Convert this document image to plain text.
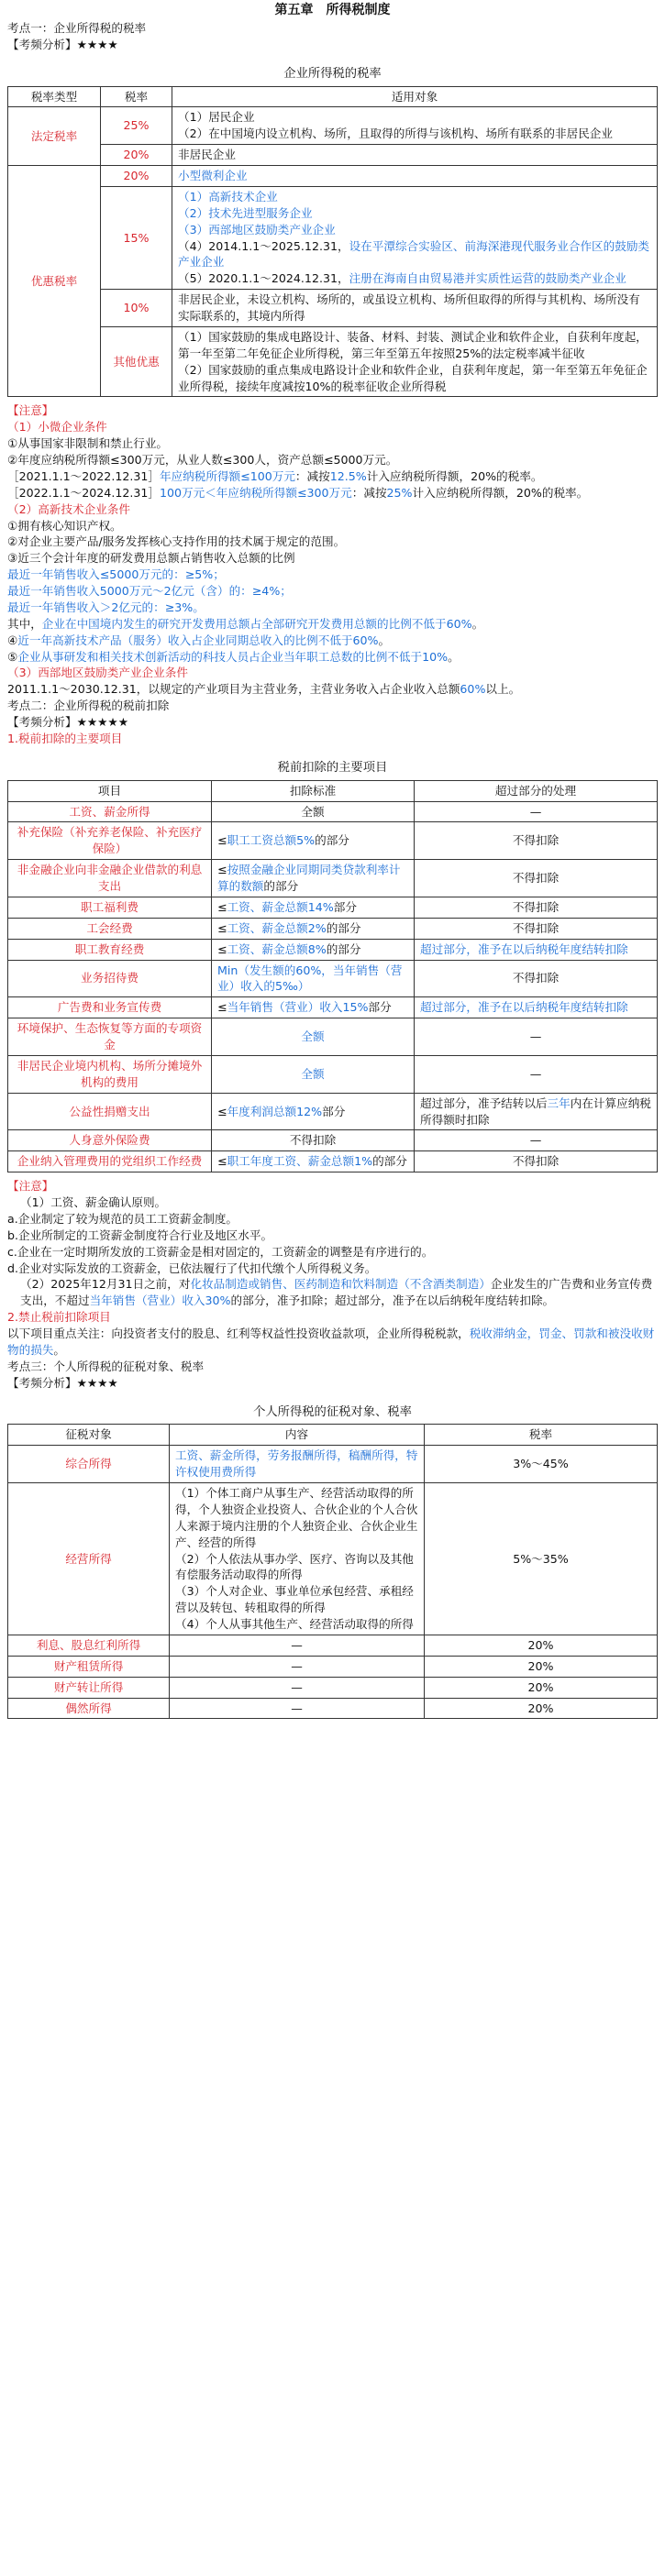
第五章　所得税制度

考点一：企业所得税的税率

【考频分析】★★★★

企业所得税的税率

税率类型	税率	适用对象
法定税率	25%	（1）居民企业
（2）在中国境内设立机构、场所，且取得的所得与该机构、场所有联系的非居民企业

	20%	非居民企业
优惠税率	20%	小型微利企业
	15%	（1）高新技术企业
（2）技术先进型服务企业
（3）西部地区鼓励类产业企业
（4）2014.1.1～2025.12.31，设在平潭综合实验区、前海深港现代服务业合作区的鼓励类产业企业
（5）2020.1.1～2024.12.31，注册在海南自由贸易港并实质性运营的鼓励类产业企业

	10%	非居民企业，未设立机构、场所的，或虽设立机构、场所但取得的所得与其机构、场所没有实际联系的，其境内所得
	其他优惠	（1）国家鼓励的集成电路设计、装备、材料、封装、测试企业和软件企业，自获利年度起，第一年至第二年免征企业所得税，第三年至第五年按照25%的法定税率减半征收
（2）国家鼓励的重点集成电路设计企业和软件企业，自获利年度起，第一年至第五年免征企业所得税，接续年度减按10%的税率征收企业所得税

【注意】

（1）小微企业条件

①从事国家非限制和禁止行业。

②年度应纳税所得额≤300万元，从业人数≤300人，资产总额≤5000万元。

［2021.1.1～2022.12.31］年应纳税所得额≤100万元：减按12.5%计入应纳税所得额，20%的税率。

［2022.1.1～2024.12.31］100万元＜年应纳税所得额≤300万元：减按25%计入应纳税所得额，20%的税率。

（2）高新技术企业条件

①拥有核心知识产权。

②对企业主要产品/服务发挥核心支持作用的技术属于规定的范围。

③近三个会计年度的研发费用总额占销售收入总额的比例

最近一年销售收入≤5000万元的：≥5%；

最近一年销售收入5000万元～2亿元（含）的：≥4%；

最近一年销售收入＞2亿元的：≥3%。

其中，企业在中国境内发生的研究开发费用总额占全部研究开发费用总额的比例不低于60%。

④近一年高新技术产品（服务）收入占企业同期总收入的比例不低于60%。

⑤企业从事研发和相关技术创新活动的科技人员占企业当年职工总数的比例不低于10%。

（3）西部地区鼓励类产业企业条件

2011.1.1～2030.12.31，以规定的产业项目为主营业务，主营业务收入占企业收入总额60%以上。

考点二：企业所得税的税前扣除

【考频分析】★★★★★

1.税前扣除的主要项目

税前扣除的主要项目

项目	扣除标准	超过部分的处理
工资、薪金所得	全额	—
补充保险（补充养老保险、补充医疗保险）	≤职工工资总额5%的部分	不得扣除
非金融企业向非金融企业借款的利息支出	≤按照金融企业同期同类贷款利率计算的数额的部分	不得扣除
职工福利费	≤工资、薪金总额14%部分	不得扣除
工会经费	≤工资、薪金总额2%的部分	不得扣除
职工教育经费	≤工资、薪金总额8%的部分	超过部分，准予在以后纳税年度结转扣除
业务招待费	Min（发生额的60%，当年销售（营业）收入的5‰）	不得扣除
广告费和业务宣传费	≤当年销售（营业）收入15%部分	超过部分，准予在以后纳税年度结转扣除
环境保护、生态恢复等方面的专项资金	全额	—
非居民企业境内机构、场所分摊境外机构的费用	全额	—
公益性捐赠支出	≤年度利润总额12%部分	超过部分，准予结转以后三年内在计算应纳税所得额时扣除
人身意外保险费	不得扣除	—
企业纳入管理费用的党组织工作经费	≤职工年度工资、薪金总额1%的部分	不得扣除

【注意】

（1）工资、薪金确认原则。

a.企业制定了较为规范的员工工资薪金制度。

b.企业所制定的工资薪金制度符合行业及地区水平。

c.企业在一定时期所发放的工资薪金是相对固定的，工资薪金的调整是有序进行的。

d.企业对实际发放的工资薪金，已依法履行了代扣代缴个人所得税义务。

（2）2025年12月31日之前，对化妆品制造或销售、医药制造和饮料制造（不含酒类制造）企业发生的广告费和业务宣传费支出，不超过当年销售（营业）收入30%的部分，准予扣除；超过部分，准予在以后纳税年度结转扣除。

2.禁止税前扣除项目

以下项目重点关注：向投资者支付的股息、红利等权益性投资收益款项，企业所得税税款，税收滞纳金，罚金、罚款和被没收财物的损失。

考点三：个人所得税的征税对象、税率

【考频分析】★★★★

个人所得税的征税对象、税率

征税对象	内容	税率
综合所得	工资、薪金所得，劳务报酬所得，稿酬所得，特许权使用费所得	3%～45%
经营所得	（1）个体工商户从事生产、经营活动取得的所得，个人独资企业投资人、合伙企业的个人合伙人来源于境内注册的个人独资企业、合伙企业生产、经营的所得
（2）个人依法从事办学、医疗、咨询以及其他有偿服务活动取得的所得
（3）个人对企业、事业单位承包经营、承租经营以及转包、转租取得的所得
（4）个人从事其他生产、经营活动取得的所得	5%～35%
利息、股息红利所得	—	20%
财产租赁所得	—	20%
财产转让所得	—	20%
偶然所得	—	20%
